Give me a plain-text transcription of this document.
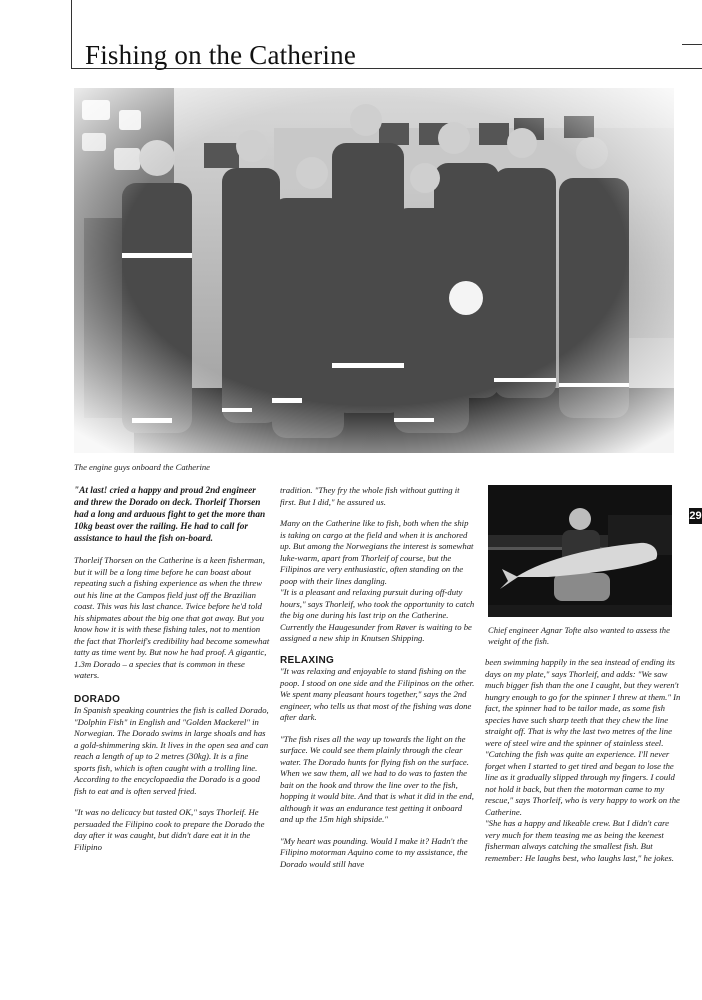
Fishing on the Catherine
29
The engine guys onboard the Catherine
Chief engineer Agnar Tofte also wanted to assess the weight of the fish.

"At last! cried a happy and proud 2nd engineer and threw the Dorado on deck. Thorleif Thorsen had a long and arduous fight to get the more than 10kg beast over the railing. He had to call for assistance to haul the fish on-board.

Thorleif Thorsen on the Catherine is a keen fisherman, but it will be a long time before he can boast about repeating such a fishing experience as when the threw out his line at the Campos field just off the Brazilian coast. This was his last chance. Twice before he'd told his shipmates about the big one that got away. But you know how it is with these fishing tales, not to mention the fact that Thorleif's credibility had become somewhat tatty as time went by. But now he had proof. A gigantic, 1.3m Dorado – a species that is common in these waters.

DORADO

In Spanish speaking countries the fish is called Dorado, "Dolphin Fish" in English and "Golden Mackerel" in Norwegian. The Dorado swims in large shoals and has a gold-shimmering skin. It lives in the open sea and can reach a length of up to 2 metres (30kg). It is a fine sports fish, which is often caught with a trolling line. According to the encyclopaedia the Dorado is a good fish to eat and is often served fried.

"It was no delicacy but tasted OK," says Thorleif. He persuaded the Filipino cook to prepare the Dorado the day after it was caught, but didn't dare eat it in the Filipino

tradition. "They fry the whole fish without gutting it first. But I did," he assured us.

Many on the Catherine like to fish, both when the ship is taking on cargo at the field and when it is anchored up. But among the Norwegians the interest is somewhat luke-warm, apart from Thorleif of course, but the Filipinos are very enthusiastic, often standing on the poop with their lines dangling.

"It is a pleasant and relaxing pursuit during off-duty hours," says Thorleif, who took the opportunity to catch the big one during his last trip on the Catherine. Currently the Haugesunder from Røver is waiting to be assigned a new ship in Knutsen Shipping.

RELAXING

"It was relaxing and enjoyable to stand fishing on the poop. I stood on one side and the Filipinos on the other. We spent many pleasant hours together," says the 2nd engineer, who tells us that most of the fishing was done after dark.

"The fish rises all the way up towards the light on the surface. We could see them plainly through the clear water. The Dorado hunts for flying fish on the surface. When we saw them, all we had to do was to fasten the bait on the hook and throw the line over to the fish, hopping it would bite. And that is what it did in the end, although it was an endurance test getting it onboard and up the 15m high shipside."

"My heart was pounding. Would I make it? Hadn't the Filipino motorman Aquino come to my assistance, the Dorado would still have

been swimming happily in the sea instead of ending its days on my plate," says Thorleif, and adds: "We saw much bigger fish than the one I caught, but they weren't hungry enough to go for the spinner I threw at them." In fact, the spinner had to be tailor made, as some fish species have such sharp teeth that they chew the line straight off. That is why the last two metres of the line were of steel wire and the spinner of stainless steel.

"Catching the fish was quite an experience. I'll never forget when I started to get tired and began to lose the line as it gradually slipped through my fingers. I could not hold it back, but then the motorman came to my rescue," says Thorleif, who is very happy to work on the Catherine.

"She has a happy and likeable crew. But I didn't care very much for them teasing me as being the keenest fisherman always catching the smallest fish. But remember: He laughs best, who laughs last," he jokes.
